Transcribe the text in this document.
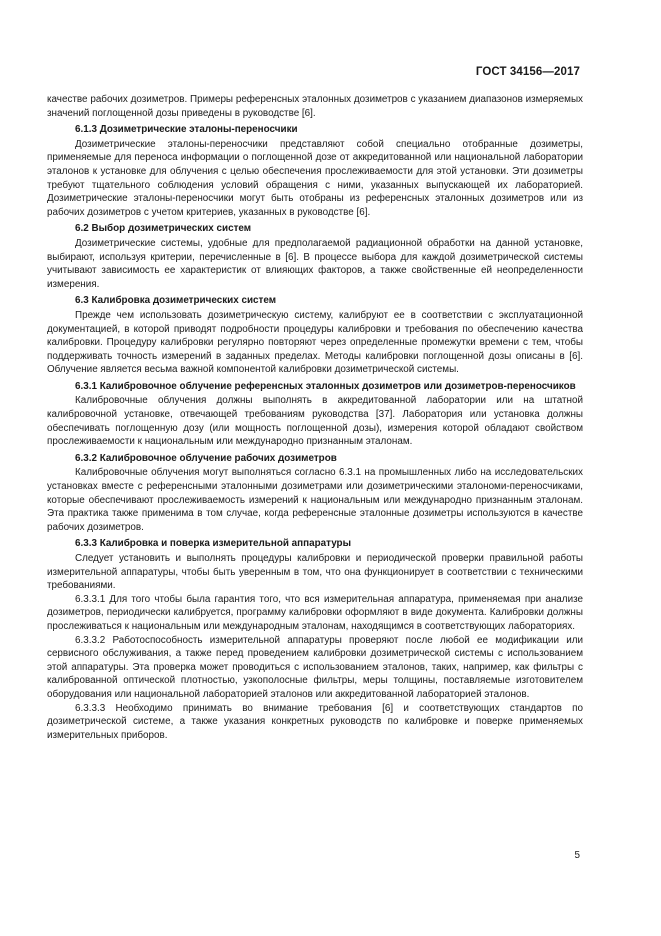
ГОСТ 34156—2017

качестве рабочих дозиметров. Примеры референсных эталонных дозиметров с указанием диапазонов измеряемых значений поглощенной дозы приведены в руководстве [6].

6.1.3 Дозиметрические эталоны-переносчики

Дозиметрические эталоны-переносчики представляют собой специально отобранные дозиметры, применяемые для переноса информации о поглощенной дозе от аккредитованной или национальной лаборатории эталонов к установке для облучения с целью обеспечения прослеживаемости для этой установки. Эти дозиметры требуют тщательного соблюдения условий обращения с ними, указанных выпускающей их лабораторией. Дозиметрические эталоны-переносчики могут быть отобраны из референсных эталонных дозиметров или из рабочих дозиметров с учетом критериев, указанных в руководстве [6].

6.2 Выбор дозиметрических систем

Дозиметрические системы, удобные для предполагаемой радиационной обработки на данной установке, выбирают, используя критерии, перечисленные в [6]. В процессе выбора для каждой дозиметрической системы учитывают зависимость ее характеристик от влияющих факторов, а также свойственные ей неопределенности измерения.

6.3 Калибровка дозиметрических систем

Прежде чем использовать дозиметрическую систему, калибруют ее в соответствии с эксплуатационной документацией, в которой приводят подробности процедуры калибровки и требования по обеспечению качества калибровки. Процедуру калибровки регулярно повторяют через определенные промежутки времени с тем, чтобы поддерживать точность измерений в заданных пределах. Методы калибровки поглощенной дозы описаны в [6]. Облучение является весьма важной компонентой калибровки дозиметрической системы.

6.3.1 Калибровочное облучение референсных эталонных дозиметров или дозиметров-переносчиков

Калибровочные облучения должны выполнять в аккредитованной лаборатории или на штатной калибровочной установке, отвечающей требованиям руководства [37]. Лаборатория или установка должны обеспечивать поглощенную дозу (или мощность поглощенной дозы), измерения которой обладают свойством прослеживаемости к национальным или международно признанным эталонам.

6.3.2 Калибровочное облучение рабочих дозиметров

Калибровочные облучения могут выполняться согласно 6.3.1 на промышленных либо на исследовательских установках вместе с референсными эталонными дозиметрами или дозиметрическими эталономи-переносчиками, которые обеспечивают прослеживаемость измерений к национальным или международно признанным эталонам. Эта практика также применима в том случае, когда референсные эталонные дозиметры используются в качестве рабочих дозиметров.

6.3.3 Калибровка и поверка измерительной аппаратуры

Следует установить и выполнять процедуры калибровки и периодической проверки правильной работы измерительной аппаратуры, чтобы быть уверенным в том, что она функционирует в соответствии с техническими требованиями.

6.3.3.1 Для того чтобы была гарантия того, что вся измерительная аппаратура, применяемая при анализе дозиметров, периодически калибруется, программу калибровки оформляют в виде документа. Калибровки должны прослеживаться к национальным или международным эталонам, находящимся в соответствующих лабораториях.

6.3.3.2 Работоспособность измерительной аппаратуры проверяют после любой ее модификации или сервисного обслуживания, а также перед проведением калибровки дозиметрической системы с использованием этой аппаратуры. Эта проверка может проводиться с использованием эталонов, таких, например, как фильтры с калиброванной оптической плотностью, узкополосные фильтры, меры толщины, поставляемые изготовителем оборудования или национальной лабораторией эталонов или аккредитованной лабораторией эталонов.

6.3.3.3 Необходимо принимать во внимание требования [6] и соответствующих стандартов по дозиметрической системе, а также указания конкретных руководств по калибровке и поверке применяемых измерительных приборов.

5
